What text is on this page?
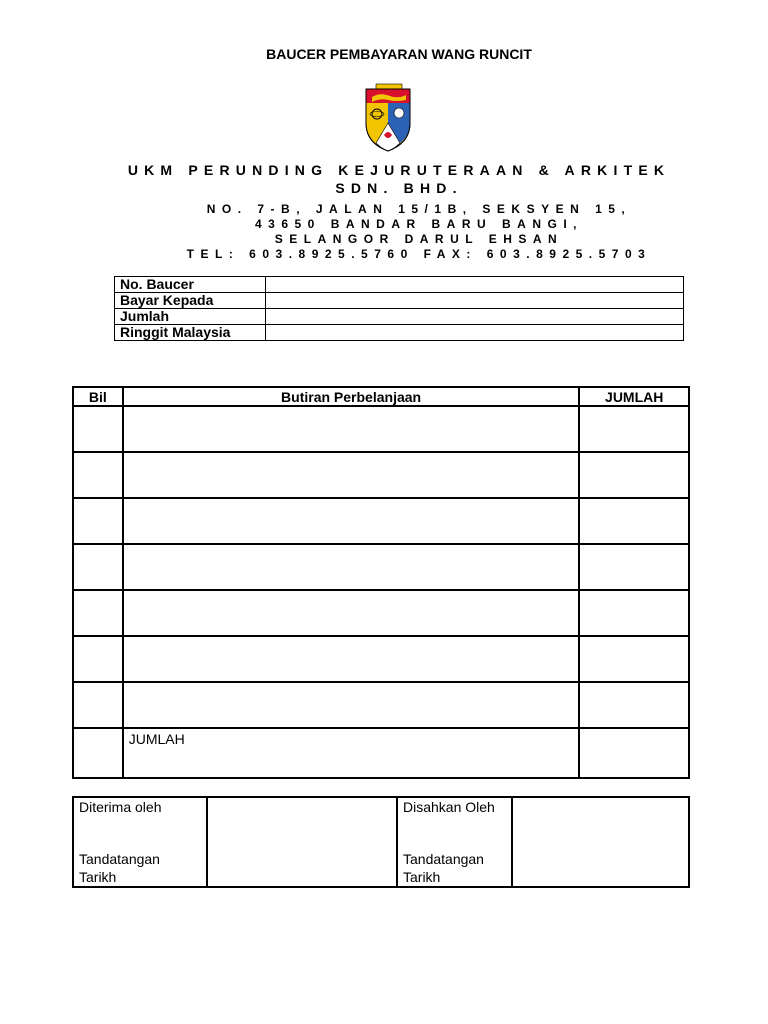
BAUCER PEMBAYARAN WANG RUNCIT
UKM PERUNDING KEJURUTERAAN & ARKITEK
SDN. BHD.
NO. 7-B, JALAN 15/1B, SEKSYEN 15,
43650 BANDAR BARU BANGI,
SELANGOR DARUL EHSAN
TEL: 603.8925.5760 FAX: 603.8925.5703
No. Baucer	
Bayar Kepada	
Jumlah	
Ringgit Malaysia	
Bil	Butiran Perbelanjaan	JUMLAH

	JUMLAH	
Diterima oleh
Tandatangan
Tarikh

Disahkan Oleh
Tandatangan
Tarikh
